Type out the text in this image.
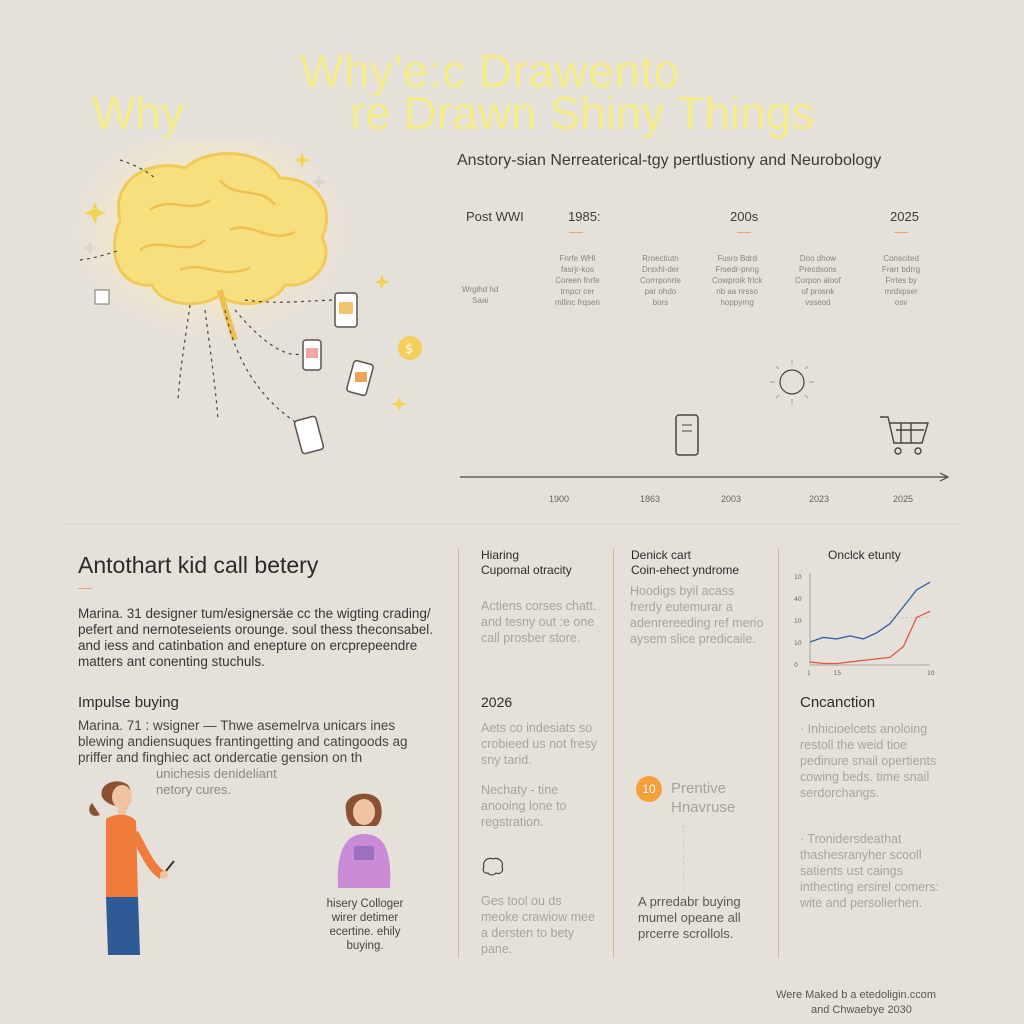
Why'e:c Drawento
Why	re Drawn Shiny Things
Anstory-sian Nerreaterical-tgy pertlustiony and Neurobology
$
Post WWI	1985:	200s	2025
Wrgihd hd
Saai
Fnrfe WHl
fasrjr-kos
Coreen fnrfe
trnpcr cer
mllinc frqsen
Rroectiutn
Drsxhl-der
Corrrponrte
par ohdo
bors
Fusro Bdrd
Frsedr-pnng
Cowproik frlck
nb aa nrsso
hoppyrng
Doo dhow
Precdsons
Corpon aloof
of prosnk
vsseod
Conscited
Frarr bdrrg
Frrtes by
mrdxpser
osv
1900	1863	2003	2023	2025
Antothart kid call betery
Marina. 31 designer tum/esignersäe cc the wigting crading/ pefert and nernoteseients orounge. soul thess theconsabel. and iess and catinbation and enepture on ercprepeendre matters ant conenting stuchuls.
Impulse buying
Marina. 71 : wsigner — Thwe asemelrva unicars ines blewing andiensuques frantingetting and catingoods ag priffer and finghiec act ondercatie gension on th
unichesis denideliant
netory cures.
hisery Colloger
wirer detimer
ecertine. ehily
buying.
Hiaring
Cupornal otracity
Actiens corses chatt. and tesny out :e one call prosber store.
2026
Aets co indesiats so crobieed us not fresy sny tarid.
Nechaty - tine anooing lone to regstration.
Ges tool ou ds meoke crawiow mee a dersten to bety pane.
Denick cart
Coin-ehect yndrome
Hoodigs byil acass frerdy eutemurar a adenrereeding ref merio aysem slice predicaile.
10	Prentive
Hnavruse
A prredabr buying mumel opeane all prcerre scrollols.
Onclck etunty
10
40
10
10
0
1	15	10
Cncanction
· Inhicioelcets anoloing restoll the weid tioe pedinure snail opertients cowing beds. time snail serdorchangs.
· Tronidersdeathat thashesranyher scooll satients ust caings inthecting ersirel comers: wite and persolierhen.
Were Maked b a etedoligin.ccom
and Chwaebye 2030
